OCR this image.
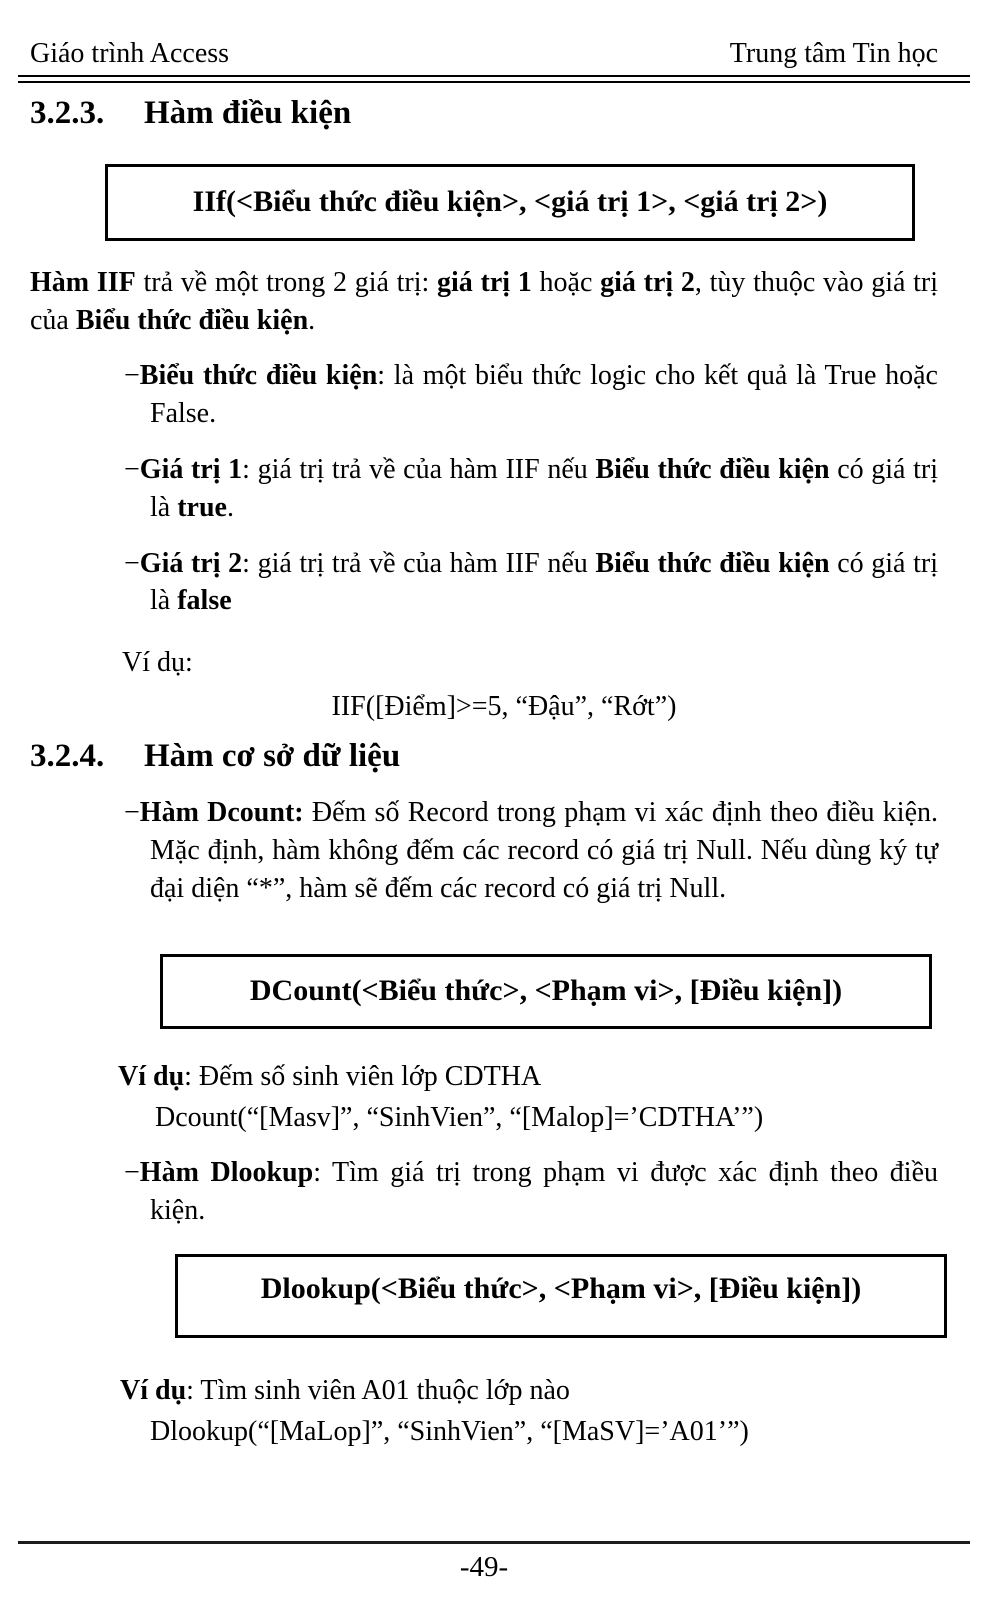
Giáo trình Access	Trung tâm Tin học
3.2.3. Hàm điều kiện
IIf(<Biểu thức điều kiện>, <giá trị 1>, <giá trị 2>)
Hàm IIF trả về một trong 2 giá trị: giá trị 1 hoặc giá trị 2, tùy thuộc vào giá trị của Biểu thức điều kiện.
−Biểu thức điều kiện: là một biểu thức logic cho kết quả là True hoặc False.
−Giá trị 1: giá trị trả về của hàm IIF nếu Biểu thức điều kiện có giá trị là true.
−Giá trị 2: giá trị trả về của hàm IIF nếu Biểu thức điều kiện có giá trị là false
Ví dụ:
IIF([Điểm]>=5, “Đậu”, “Rớt”)
3.2.4. Hàm cơ sở dữ liệu
−Hàm Dcount: Đếm số Record trong phạm vi xác định theo điều kiện. Mặc định, hàm không đếm các record có giá trị Null. Nếu dùng ký tự đại diện “*”, hàm sẽ đếm các record có giá trị Null.
DCount(<Biểu thức>, <Phạm vi>, [Điều kiện])
Ví dụ: Đếm số sinh viên lớp CDTHA
Dcount(“[Masv]”, “SinhVien”, “[Malop]=’CDTHA’”)
−Hàm Dlookup: Tìm giá trị trong phạm vi được xác định theo điều kiện.
Dlookup(<Biểu thức>, <Phạm vi>, [Điều kiện])
Ví dụ: Tìm sinh viên A01 thuộc lớp nào
Dlookup(“[MaLop]”, “SinhVien”, “[MaSV]=’A01’”)
-49-
